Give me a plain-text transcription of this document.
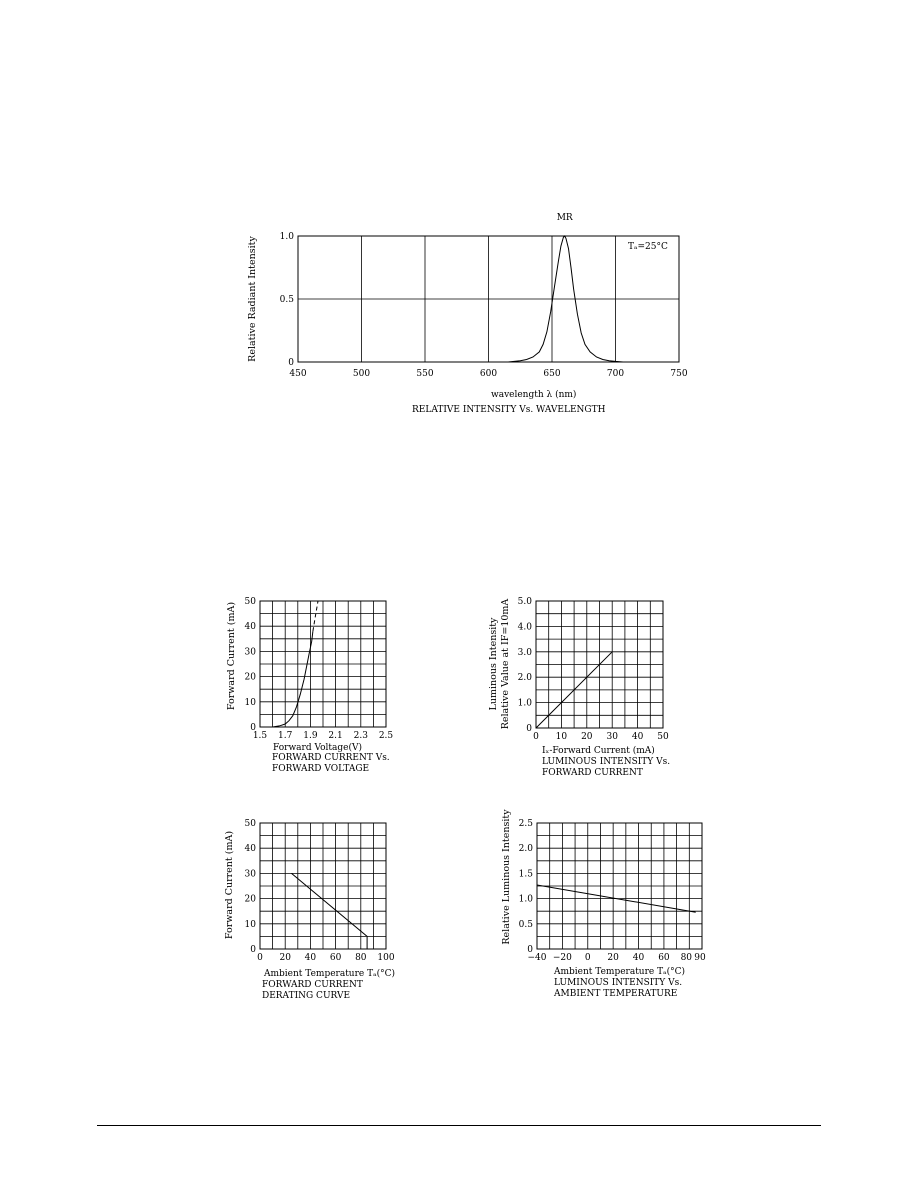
450	500	550	600	650	700	750
0
0.5
1.0
wavelength λ (nm)
Relative Radiant Intensity
RELATIVE INTENSITY Vs. WAVELENGTH
MR
Tₐ=25°C
1.5 1.7 1.9 2.1 2.3 2.5
0
10
20
30
40
50
Forward Voltage(V)
Forward Current (mA)
FORWARD CURRENT Vs.
FORWARD VOLTAGE
0 10 20 30 40 50
0
1.0
2.0
3.0
4.0
5.0
Iₓ-Forward Current (mA)
Luminous Intensity Relative Value at IF=10mA
LUMINOUS INTENSITY Vs.
FORWARD CURRENT
0 20 40 60 80 100
0
10
20
30
40
50
Ambient Temperature Tₐ(°C)
Forward Current (mA)
FORWARD CURRENT
DERATING CURVE
−40 −20 0 20 40 60 80 90
0
0.5
1.0
1.5
2.0
2.5
Ambient Temperature Tₐ(°C)
Relative Luminous Intensity
LUMINOUS INTENSITY Vs.
AMBIENT TEMPERATURE
